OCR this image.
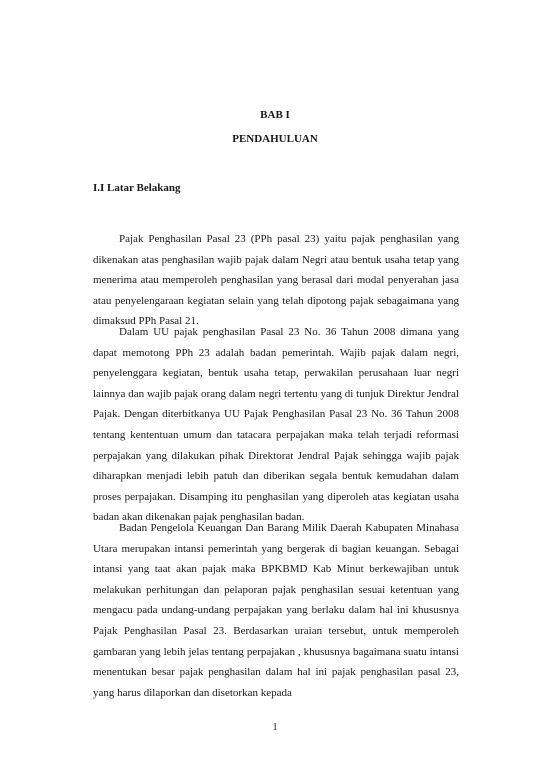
BAB I

PENDAHULUAN

I.I Latar Belakang

Pajak Penghasilan Pasal 23 (PPh pasal 23) yaitu pajak penghasilan yang dikenakan atas penghasilan wajib pajak dalam Negri atau bentuk usaha tetap yang menerima atau memperoleh penghasilan yang berasal dari modal penyerahan jasa atau penyelengaraan kegiatan selain yang telah dipotong pajak sebagaimana yang dimaksud PPh Pasal 21.

Dalam UU pajak penghasilan Pasal 23 No. 36 Tahun 2008 dimana yang dapat memotong PPh 23 adalah badan pemerintah. Wajib pajak dalam negri, penyelenggara kegiatan, bentuk usaha tetap, perwakilan perusahaan luar negri lainnya dan wajib pajak orang dalam negri tertentu yang di tunjuk Direktur Jendral Pajak. Dengan diterbitkanya UU Pajak Penghasilan Pasal 23 No. 36 Tahun 2008 tentang kententuan umum dan tatacara perpajakan maka telah terjadi reformasi perpajakan yang dilakukan pihak Direktorat Jendral Pajak sehingga wajib pajak diharapkan menjadi lebih patuh dan diberikan segala bentuk kemudahan dalam proses perpajakan. Disamping itu penghasilan yang diperoleh atas kegiatan usaha badan akan dikenakan pajak penghasilan badan.

Badan Pengelola Keuangan Dan Barang Milik Daerah Kabupaten Minahasa Utara merupakan intansi pemerintah yang bergerak di bagian keuangan. Sebagai intansi yang taat akan pajak maka BPKBMD Kab Minut berkewajiban untuk melakukan perhitungan dan pelaporan pajak penghasilan sesuai ketentuan yang mengacu pada undang-undang perpajakan yang berlaku dalam hal ini khususnya Pajak Penghasilan Pasal 23. Berdasarkan uraian tersebut, untuk memperoleh gambaran yang lebih jelas tentang perpajakan , khususnya bagaimana suatu intansi menentukan besar pajak penghasilan dalam hal ini pajak penghasilan pasal 23, yang harus dilaporkan dan disetorkan kepada

1
